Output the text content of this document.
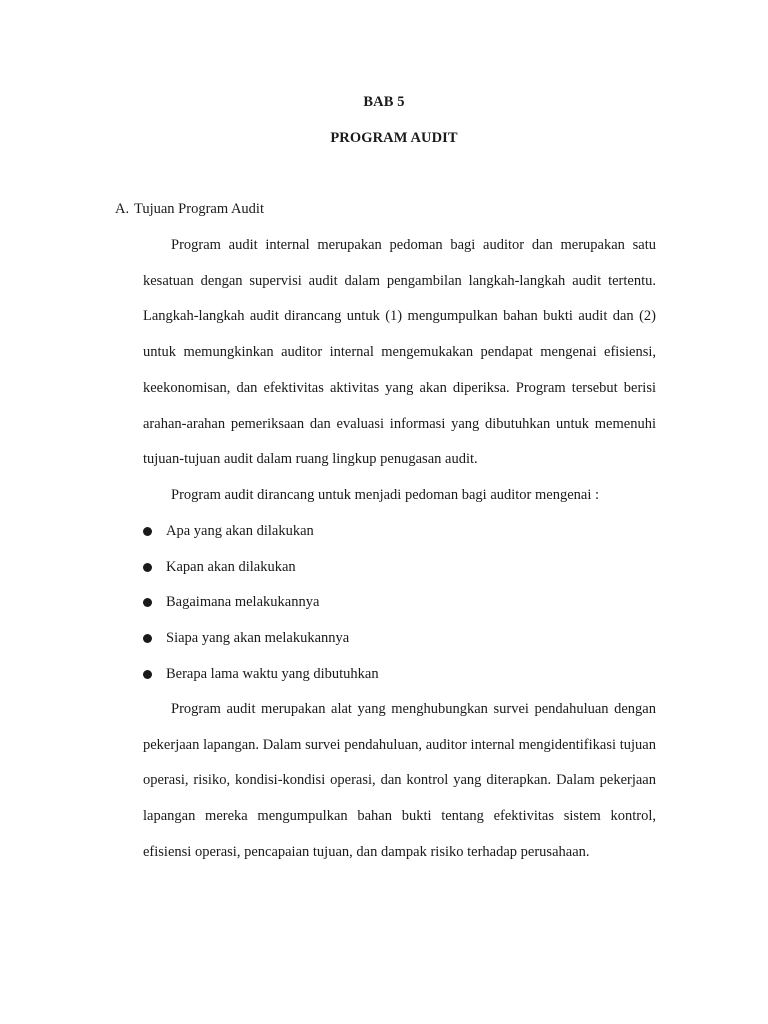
BAB 5
PROGRAM AUDIT
A. Tujuan Program Audit

Program audit internal merupakan pedoman bagi auditor dan merupakan satu kesatuan dengan supervisi audit dalam pengambilan langkah-langkah audit tertentu. Langkah-langkah audit dirancang untuk (1) mengumpulkan bahan bukti audit dan (2) untuk memungkinkan auditor internal mengemukakan pendapat mengenai efisiensi, keekonomisan, dan efektivitas aktivitas yang akan diperiksa. Program tersebut berisi arahan-arahan pemeriksaan dan evaluasi informasi yang dibutuhkan untuk memenuhi tujuan-tujuan audit dalam ruang lingkup penugasan audit.

Program audit dirancang untuk menjadi pedoman bagi auditor mengenai :

Apa yang akan dilakukan
Kapan akan dilakukan
Bagaimana melakukannya
Siapa yang akan melakukannya
Berapa lama waktu yang dibutuhkan

Program audit merupakan alat yang menghubungkan survei pendahuluan dengan pekerjaan lapangan. Dalam survei pendahuluan, auditor internal mengidentifikasi tujuan operasi, risiko, kondisi-kondisi operasi, dan kontrol yang diterapkan. Dalam pekerjaan lapangan mereka mengumpulkan bahan bukti tentang efektivitas sistem kontrol, efisiensi operasi, pencapaian tujuan, dan dampak risiko terhadap perusahaan.
